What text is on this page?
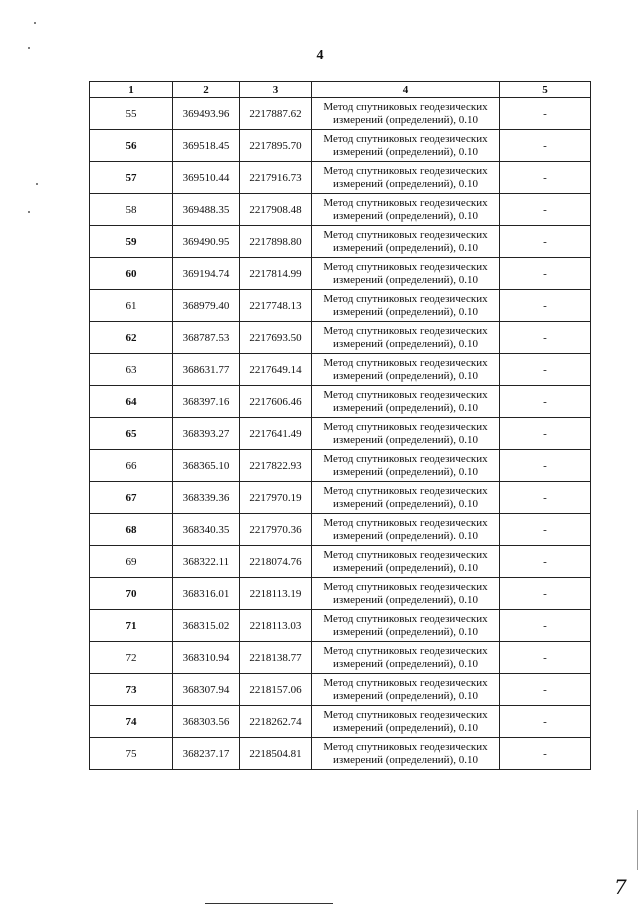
4
1	2	3	4	5
55	369493.96	2217887.62	Метод спутниковых геодезических
измерений (определений), 0.10	-
56	369518.45	2217895.70	Метод спутниковых геодезических
измерений (определений), 0.10	-
57	369510.44	2217916.73	Метод спутниковых геодезических
измерений (определений), 0.10	-
58	369488.35	2217908.48	Метод спутниковых геодезических
измерений (определений), 0.10	-
59	369490.95	2217898.80	Метод спутниковых геодезических
измерений (определений), 0.10	-
60	369194.74	2217814.99	Метод спутниковых геодезических
измерений (определений), 0.10	-
61	368979.40	2217748.13	Метод спутниковых геодезических
измерений (определений), 0.10	-
62	368787.53	2217693.50	Метод спутниковых геодезических
измерений (определений), 0.10	-
63	368631.77	2217649.14	Метод спутниковых геодезических
измерений (определений), 0.10	-
64	368397.16	2217606.46	Метод спутниковых геодезических
измерений (определений), 0.10	-
65	368393.27	2217641.49	Метод спутниковых геодезических
измерений (определений), 0.10	-
66	368365.10	2217822.93	Метод спутниковых геодезических
измерений (определений), 0.10	-
67	368339.36	2217970.19	Метод спутниковых геодезических
измерений (определений), 0.10	-
68	368340.35	2217970.36	Метод спутниковых геодезических
измерений (определений). 0.10	-
69	368322.11	2218074.76	Метод спутниковых геодезических
измерений (определений), 0.10	-
70	368316.01	2218113.19	Метод спутниковых геодезических
измерений (определений), 0.10	-
71	368315.02	2218113.03	Метод спутниковых геодезических
измерений (определений), 0.10	-
72	368310.94	2218138.77	Метод спутниковых геодезических
измерений (определений), 0.10	-
73	368307.94	2218157.06	Метод спутниковых геодезических
измерений (определений), 0.10	-
74	368303.56	2218262.74	Метод спутниковых геодезических
измерений (определений), 0.10	-
75	368237.17	2218504.81	Метод спутниковых геодезических
измерений (определений), 0.10	-
7
